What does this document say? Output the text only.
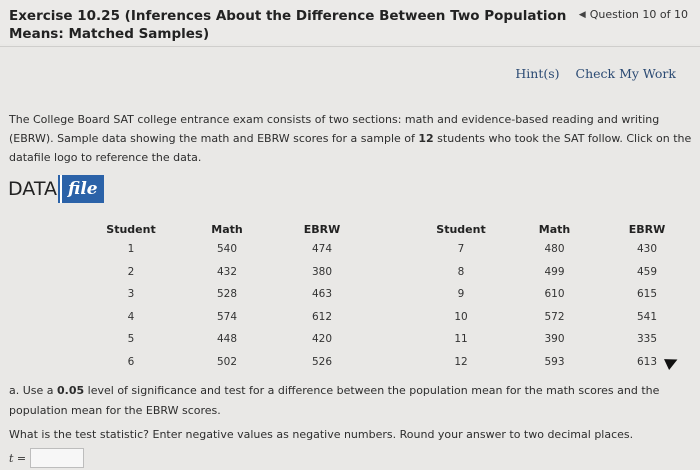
Exercise 10.25 (Inferences About the Difference Between Two Population Means: Matched Samples)
◀ Question 10 of 10
Hint(s) Check My Work
The College Board SAT college entrance exam consists of two sections: math and evidence-based reading and writing (EBRW). Sample data showing the math and EBRW scores for a sample of 12 students who took the SAT follow. Click on the datafile logo to reference the data.
DATA file
Student	Math	EBRW		Student	Math	EBRW
1	540	474		7	480	430
2	432	380		8	499	459
3	528	463		9	610	615
4	574	612		10	572	541
5	448	420		11	390	335
6	502	526		12	593	613
a. Use a 0.05 level of significance and test for a difference between the population mean for the math scores and the population mean for the EBRW scores.
What is the test statistic? Enter negative values as negative numbers. Round your answer to two decimal places.
t =
